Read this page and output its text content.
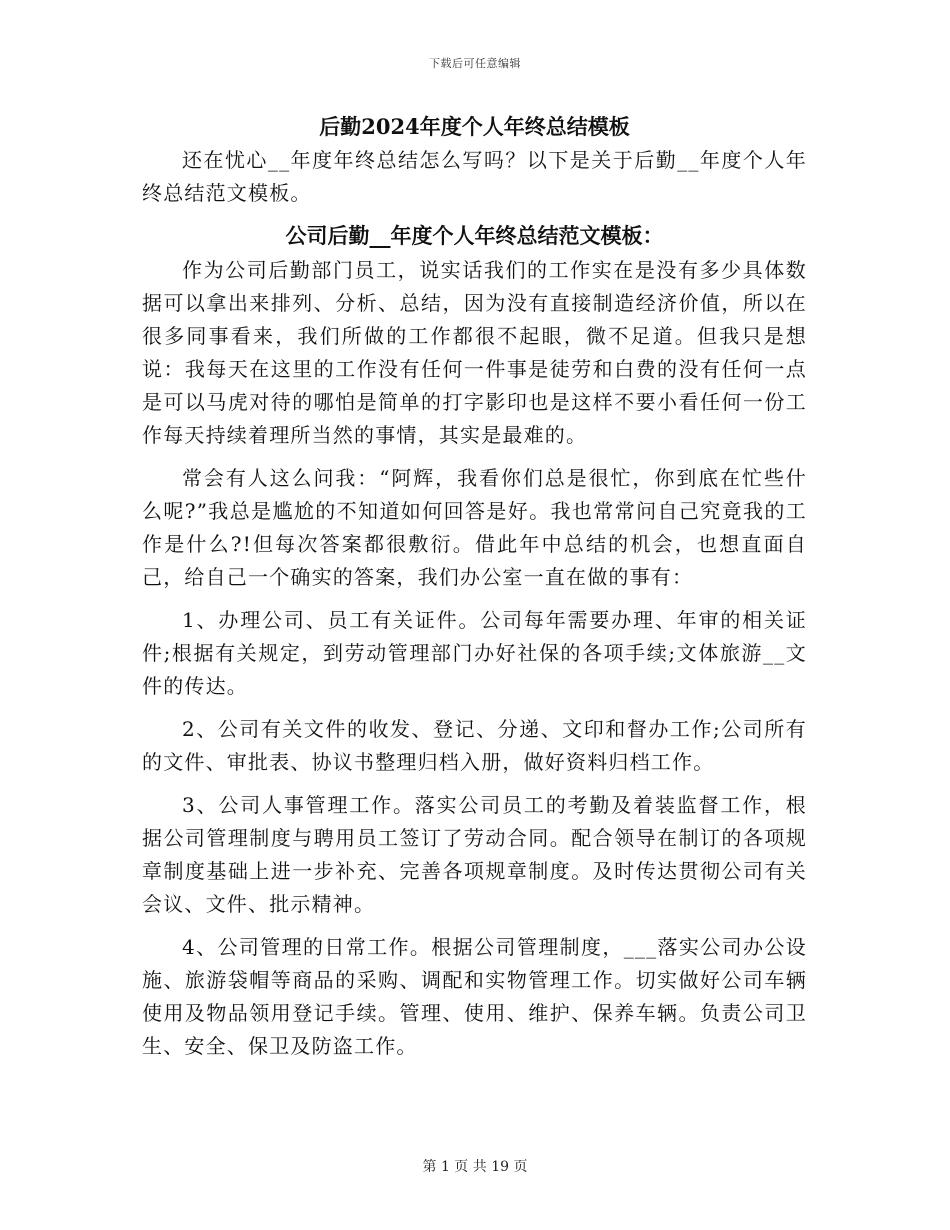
下载后可任意编辑
后勤2024年度个人年终总结模板

还在忧心__年度年终总结怎么写吗？以下是关于后勤__年度个人年终总结范文模板。

公司后勤__年度个人年终总结范文模板：

作为公司后勤部门员工，说实话我们的工作实在是没有多少具体数据可以拿出来排列、分析、总结，因为没有直接制造经济价值，所以在很多同事看来，我们所做的工作都很不起眼，微不足道。但我只是想说：我每天在这里的工作没有任何一件事是徒劳和白费的没有任何一点是可以马虎对待的哪怕是简单的打字影印也是这样不要小看任何一份工作每天持续着理所当然的事情，其实是最难的。

常会有人这么问我：“阿辉，我看你们总是很忙，你到底在忙些什么呢?”我总是尴尬的不知道如何回答是好。我也常常问自己究竟我的工作是什么?!但每次答案都很敷衍。借此年中总结的机会，也想直面自己，给自己一个确实的答案，我们办公室一直在做的事有：

1、办理公司、员工有关证件。公司每年需要办理、年审的相关证件;根据有关规定，到劳动管理部门办好社保的各项手续;文体旅游__文件的传达。

2、公司有关文件的收发、登记、分递、文印和督办工作;公司所有的文件、审批表、协议书整理归档入册，做好资料归档工作。

3、公司人事管理工作。落实公司员工的考勤及着装监督工作，根据公司管理制度与聘用员工签订了劳动合同。配合领导在制订的各项规章制度基础上进一步补充、完善各项规章制度。及时传达贯彻公司有关会议、文件、批示精神。

4、公司管理的日常工作。根据公司管理制度，___落实公司办公设施、旅游袋帽等商品的采购、调配和实物管理工作。切实做好公司车辆使用及物品领用登记手续。管理、使用、维护、保养车辆。负责公司卫生、安全、保卫及防盗工作。

第 1 页 共 19 页
